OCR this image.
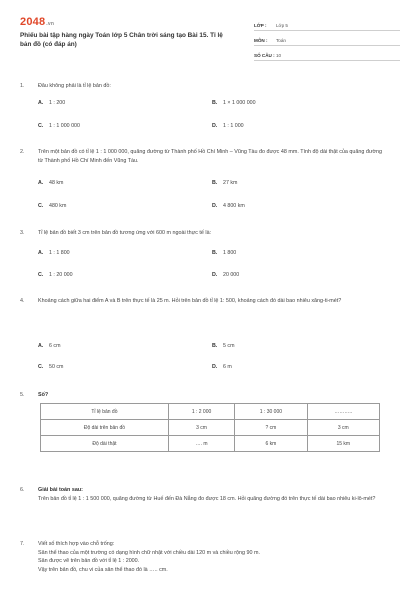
2048.vn
Phiếu bài tập hàng ngày Toán lớp 5 Chân trời sáng tạo Bài 15. Tỉ lệ bản đồ (có đáp án)
LỚP :	Lớp 5
MÔN :	Toán
SỐ CÂU : 10
1.	Đâu không phải là tỉ lệ bản đồ:
A. 1 : 200	B. 1 × 1 000 000
C. 1 : 1 000 000	D. 1 : 1 000
2.	Trên một bản đồ có tỉ lệ 1 : 1 000 000, quãng đường từ Thành phố Hồ Chí Minh – Vũng Tàu đo được 48 mm. Tính độ dài thật của quãng đường từ Thành phố Hồ Chí Minh đến Vũng Tàu.
A. 48 km	B. 27 km
C. 480 km	D. 4 800 km
3.	Tỉ lệ bản đồ biết 3 cm trên bản đồ tương ứng với 600 m ngoài thực tế là:
A. 1 : 1 800	B. 1 800
C. 1 : 20 000	D. 20 000
4.	Khoảng cách giữa hai điểm A và B trên thực tế là 25 m. Hỏi trên bản đồ tỉ lệ 1: 500, khoảng cách đó dài bao nhiêu xăng-ti-mét?
A. 6 cm	B. 5 cm
C. 50 cm	D. 6 m
5.	Số?
Tỉ lệ bản đồ	1 : 2 000	1 : 30 000	………..
Độ dài trên bản đồ	3 cm	? cm	3 cm
Độ dài thật	…. m	6 km	15 km
6.	Giải bài toán sau:
Trên bản đồ tỉ lệ 1 : 1 500 000, quãng đường từ Huế đến Đà Nẵng đo được 18 cm. Hỏi quãng đường đó trên thực tế dài bao nhiêu ki-lô-mét?
7.	Viết số thích hợp vào chỗ trống:
Sân thể thao của một trường có dạng hình chữ nhật với chiều dài 120 m và chiều rộng 90 m.
Sân được vẽ trên bản đồ với tỉ lệ 1 : 2000.
Vậy trên bản đồ, chu vi của sân thể thao đó là ….. cm.
